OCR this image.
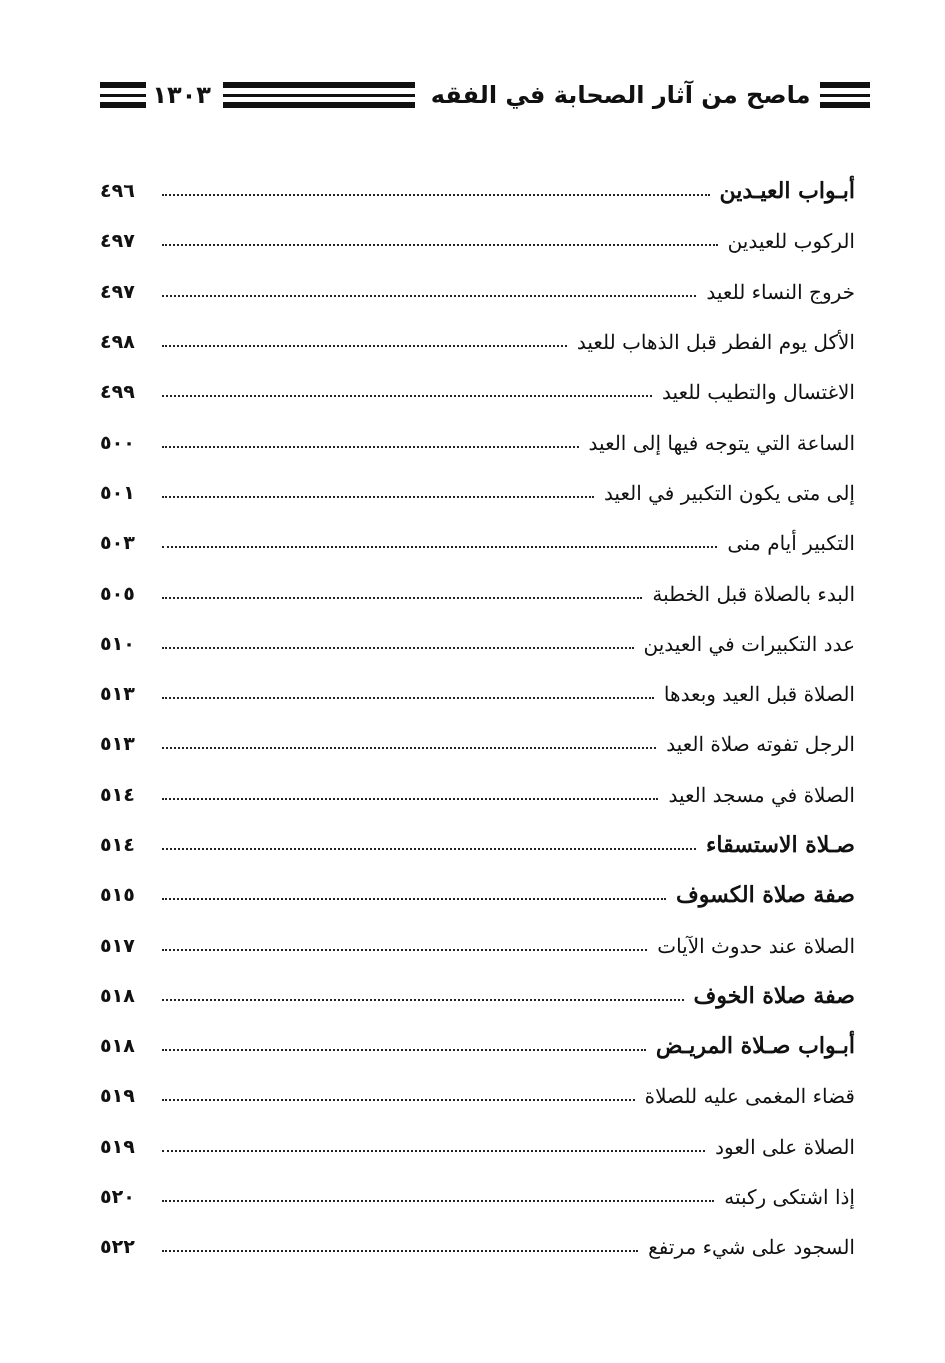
ماصح من آثار الصحابة في الفقه
١٣٠٣
أبـواب العيـدين
٤٩٦
الركوب للعيدين
٤٩٧
خروج النساء للعيد
٤٩٧
الأكل يوم الفطر قبل الذهاب للعيد
٤٩٨
الاغتسال والتطيب للعيد
٤٩٩
الساعة التي يتوجه فيها إلى العيد
٥٠٠
إلى متى يكون التكبير في العيد
٥٠١
التكبير أيام منى
٥٠٣
البدء بالصلاة قبل الخطبة
٥٠٥
عدد التكبيرات في العيدين
٥١٠
الصلاة قبل العيد وبعدها
٥١٣
الرجل تفوته صلاة العيد
٥١٣
الصلاة في مسجد العيد
٥١٤
صـلاة الاستسقاء
٥١٤
صفة صلاة الكسوف
٥١٥
الصلاة عند حدوث الآيات
٥١٧
صفة صلاة الخوف
٥١٨
أبـواب صـلاة المريـض
٥١٨
قضاء المغمى عليه للصلاة
٥١٩
الصلاة على العود
٥١٩
إذا اشتكى ركبته
٥٢٠
السجود على شيء مرتفع
٥٢٢
